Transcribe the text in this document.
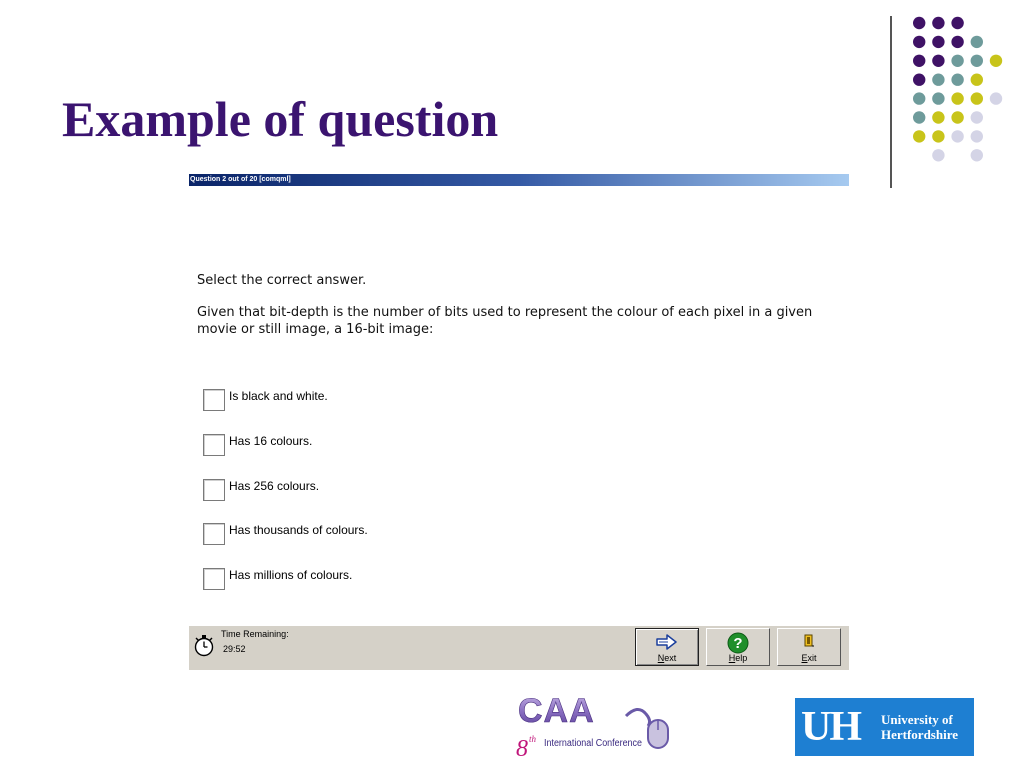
Example of question
Question 2 out of 20 [comqml]
Select the correct answer.
Given that bit-depth is the number of bits used to represent the colour of each pixel in a given movie or still image, a 16-bit image:
Is black and white.
Has 16 colours.
Has 256 colours.
Has thousands of colours.
Has millions of colours.
Time Remaining:
29:52
Next
?
Help	Exit
CAA
8 th International Conference	UH University of
Hertfordshire
